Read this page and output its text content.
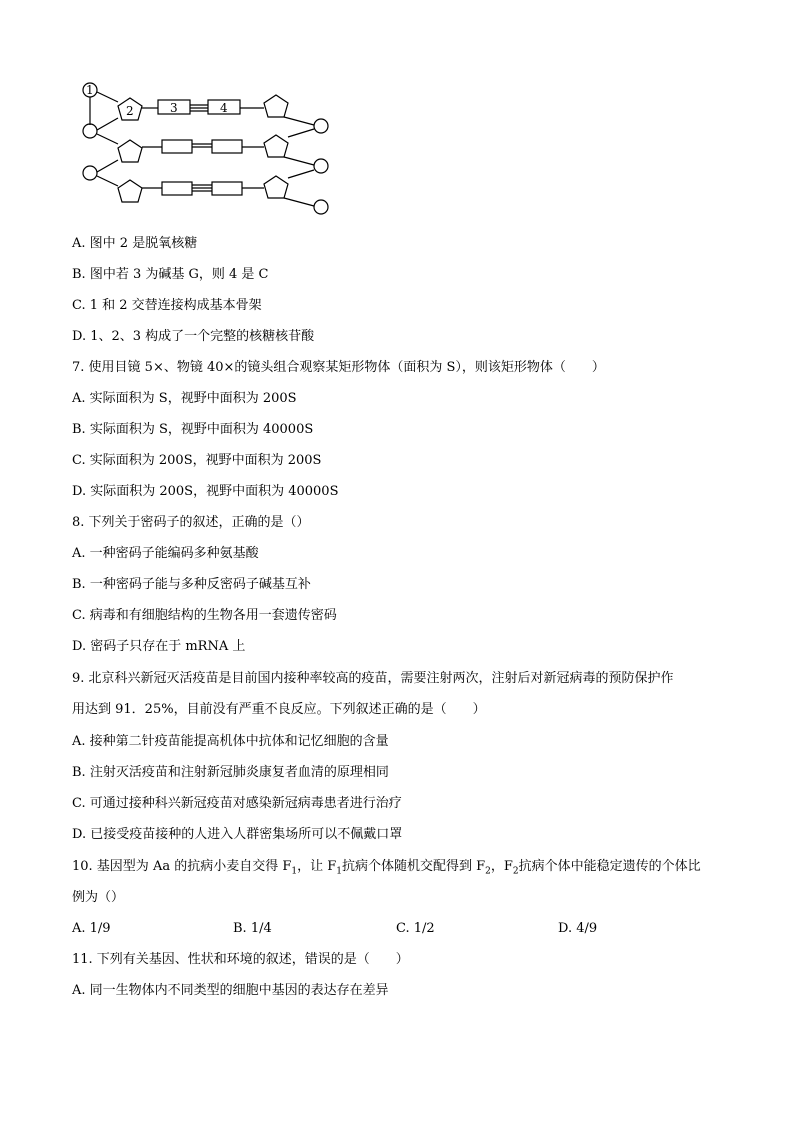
1
2	3	4
A. 图中 2 是脱氧核糖
B. 图中若 3 为碱基 G，则 4 是 C
C. 1 和 2 交替连接构成基本骨架
D. 1、2、3 构成了一个完整的核糖核苷酸
7. 使用目镜 5×、物镜 40×的镜头组合观察某矩形物体（面积为 S），则该矩形物体（　　）
A. 实际面积为 S，视野中面积为 200S
B. 实际面积为 S，视野中面积为 40000S
C. 实际面积为 200S，视野中面积为 200S
D. 实际面积为 200S，视野中面积为 40000S
8. 下列关于密码子的叙述，正确的是（）
A. 一种密码子能编码多种氨基酸
B. 一种密码子能与多种反密码子碱基互补
C. 病毒和有细胞结构的生物各用一套遗传密码
D. 密码子只存在于 mRNA 上
9. 北京科兴新冠灭活疫苗是目前国内接种率较高的疫苗，需要注射两次，注射后对新冠病毒的预防保护作
用达到 91．25%，目前没有严重不良反应。下列叙述正确的是（　　）
A. 接种第二针疫苗能提高机体中抗体和记忆细胞的含量
B. 注射灭活疫苗和注射新冠肺炎康复者血清的原理相同
C. 可通过接种科兴新冠疫苗对感染新冠病毒患者进行治疗
D. 已接受疫苗接种的人进入人群密集场所可以不佩戴口罩
10. 基因型为 Aa 的抗病小麦自交得 $F_1$，让 $F_1$抗病个体随机交配得到 $F_2$，$F_2$抗病个体中能稳定遗传的个体比
例为（）
A. 1/9	B. 1/4	C. 1/2	D. 4/9
11. 下列有关基因、性状和环境的叙述，错误的是（　　）
A. 同一生物体内不同类型的细胞中基因的表达存在差异
